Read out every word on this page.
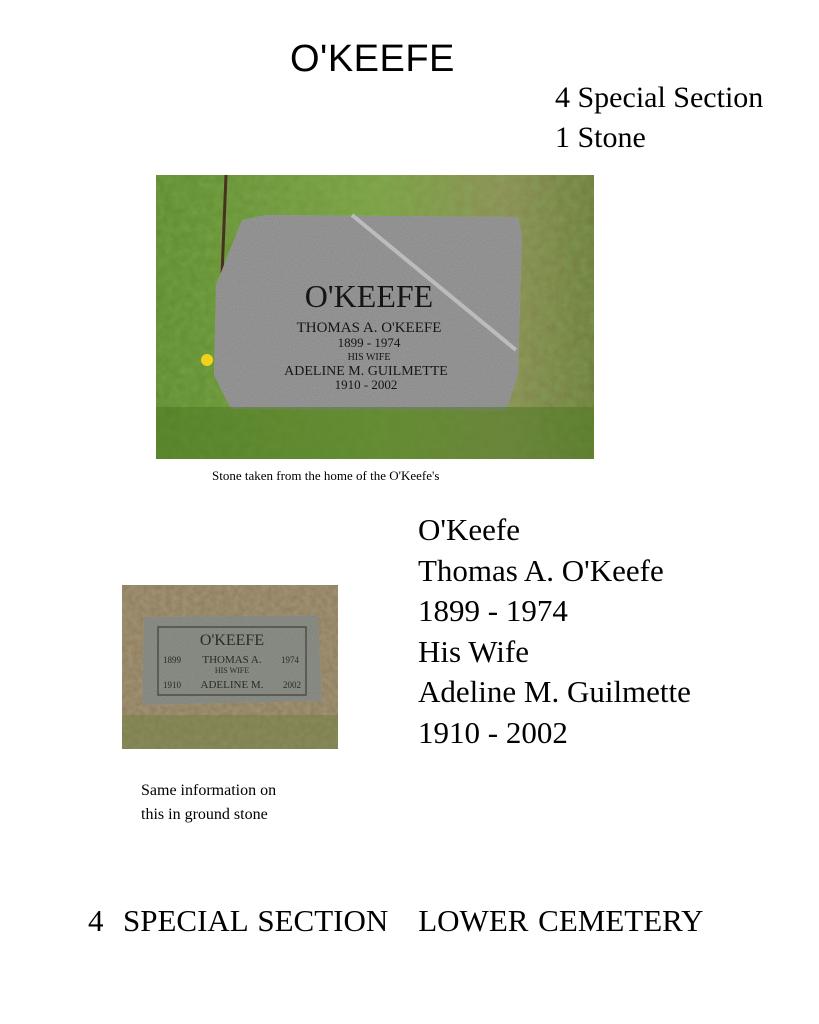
O'KEEFE
4 Special Section
1 Stone
O'KEEFE
THOMAS A. O'KEEFE
1899 - 1974
HIS WIFE
ADELINE M. GUILMETTE
1910 - 2002
Stone taken from the home of the O'Keefe's
O'KEEFE
1899 THOMAS A. 1974
HIS WIFE
1910 ADELINE M. 2002
Same information on
this in ground stone
O'Keefe
Thomas A. O'Keefe
1899 - 1974
His Wife
Adeline M. Guilmette
1910 - 2002
4  SPECIAL SECTION LOWER CEMETERY
